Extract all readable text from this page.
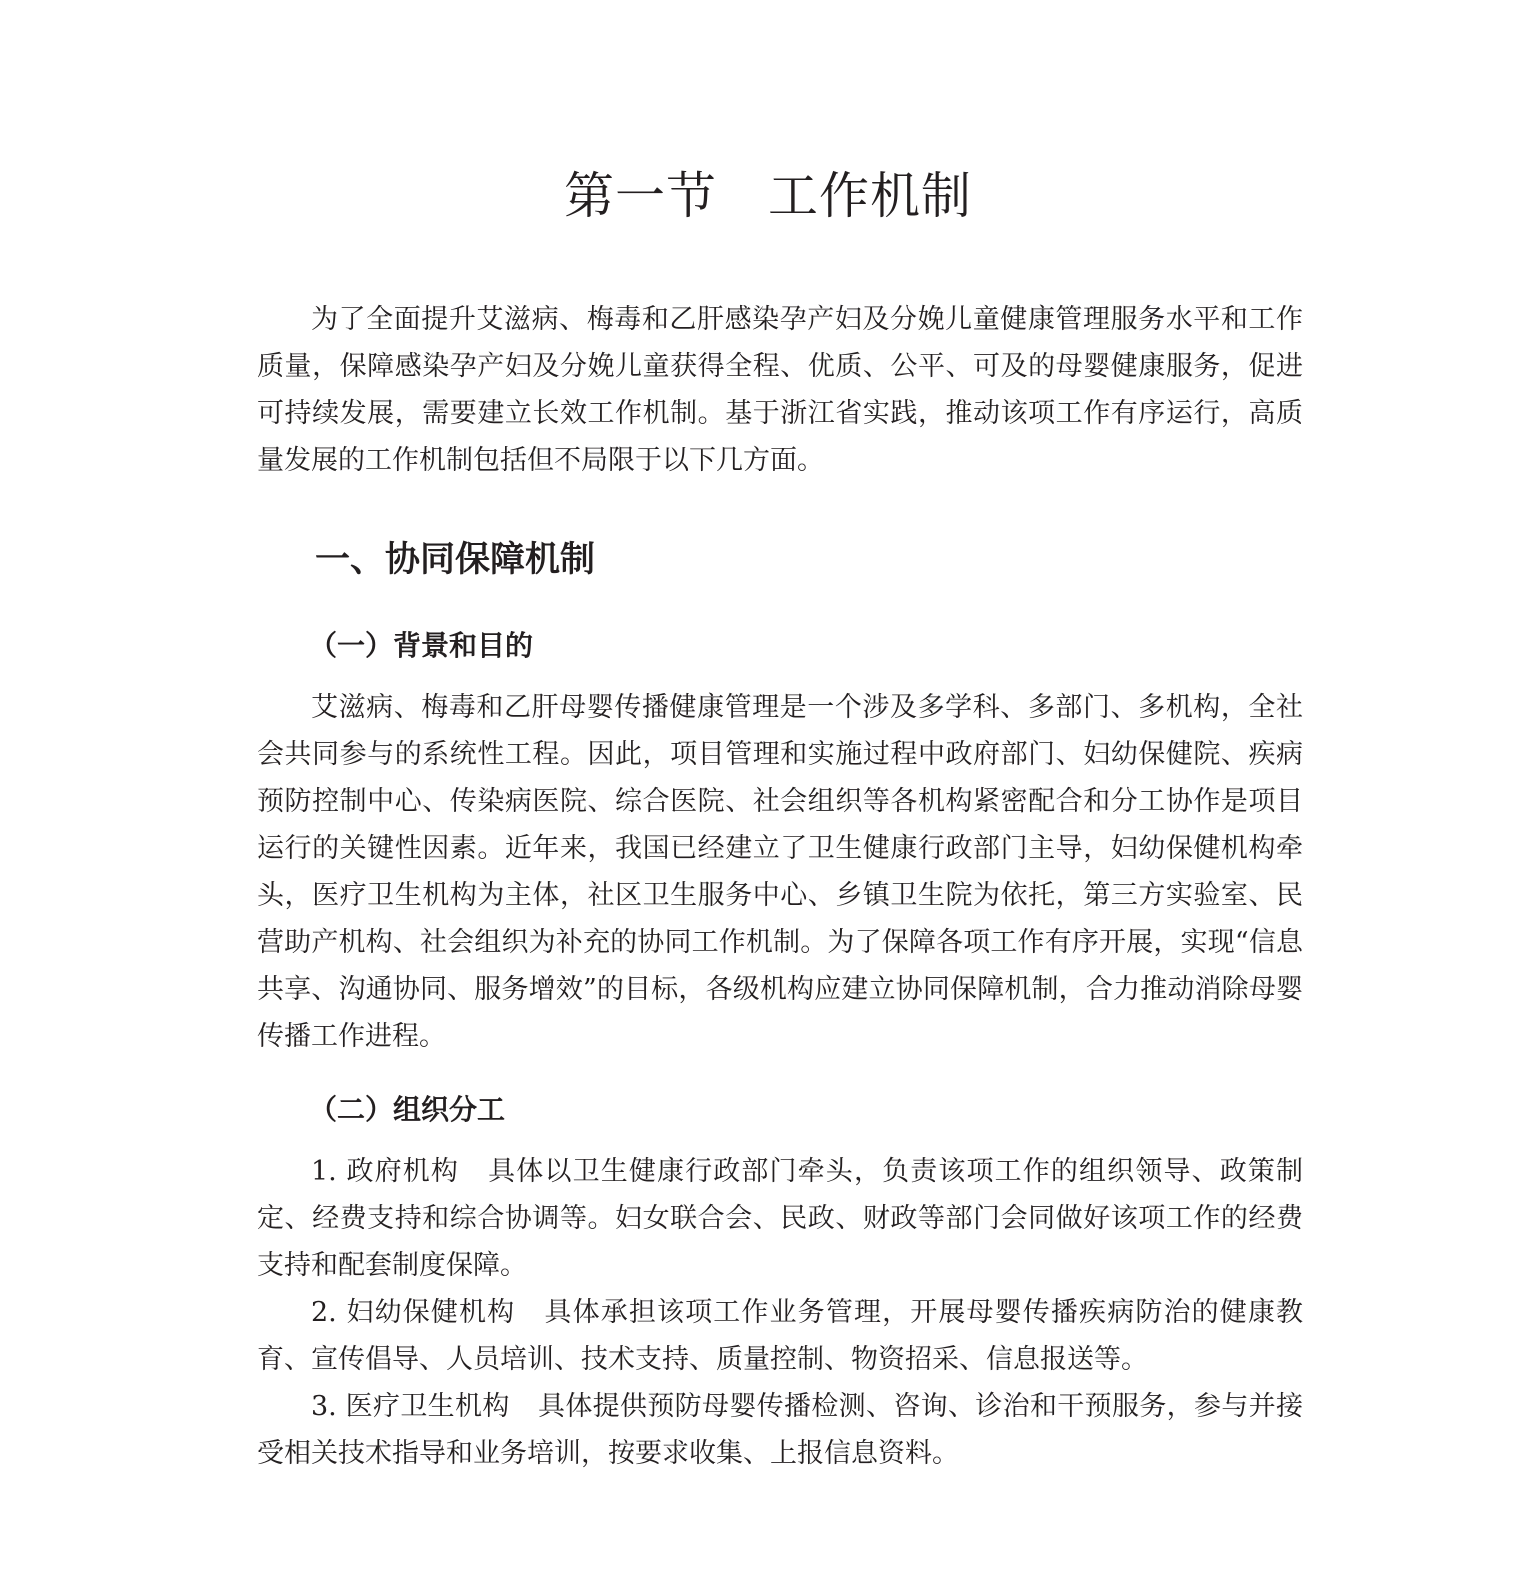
第一节　工作机制

为了全面提升艾滋病、梅毒和乙肝感染孕产妇及分娩儿童健康管理服务水平和工作质量，保障感染孕产妇及分娩儿童获得全程、优质、公平、可及的母婴健康服务，促进可持续发展，需要建立长效工作机制。基于浙江省实践，推动该项工作有序运行，高质量发展的工作机制包括但不局限于以下几方面。

一、协同保障机制
（一）背景和目的

艾滋病、梅毒和乙肝母婴传播健康管理是一个涉及多学科、多部门、多机构，全社会共同参与的系统性工程。因此，项目管理和实施过程中政府部门、妇幼保健院、疾病预防控制中心、传染病医院、综合医院、社会组织等各机构紧密配合和分工协作是项目运行的关键性因素。近年来，我国已经建立了卫生健康行政部门主导，妇幼保健机构牵头，医疗卫生机构为主体，社区卫生服务中心、乡镇卫生院为依托，第三方实验室、民营助产机构、社会组织为补充的协同工作机制。为了保障各项工作有序开展，实现“信息共享、沟通协同、服务增效”的目标，各级机构应建立协同保障机制，合力推动消除母婴传播工作进程。

（二）组织分工

1. 政府机构 具体以卫生健康行政部门牵头，负责该项工作的组织领导、政策制定、经费支持和综合协调等。妇女联合会、民政、财政等部门会同做好该项工作的经费支持和配套制度保障。

2. 妇幼保健机构 具体承担该项工作业务管理，开展母婴传播疾病防治的健康教育、宣传倡导、人员培训、技术支持、质量控制、物资招采、信息报送等。

3. 医疗卫生机构 具体提供预防母婴传播检测、咨询、诊治和干预服务，参与并接受相关技术指导和业务培训，按要求收集、上报信息资料。
